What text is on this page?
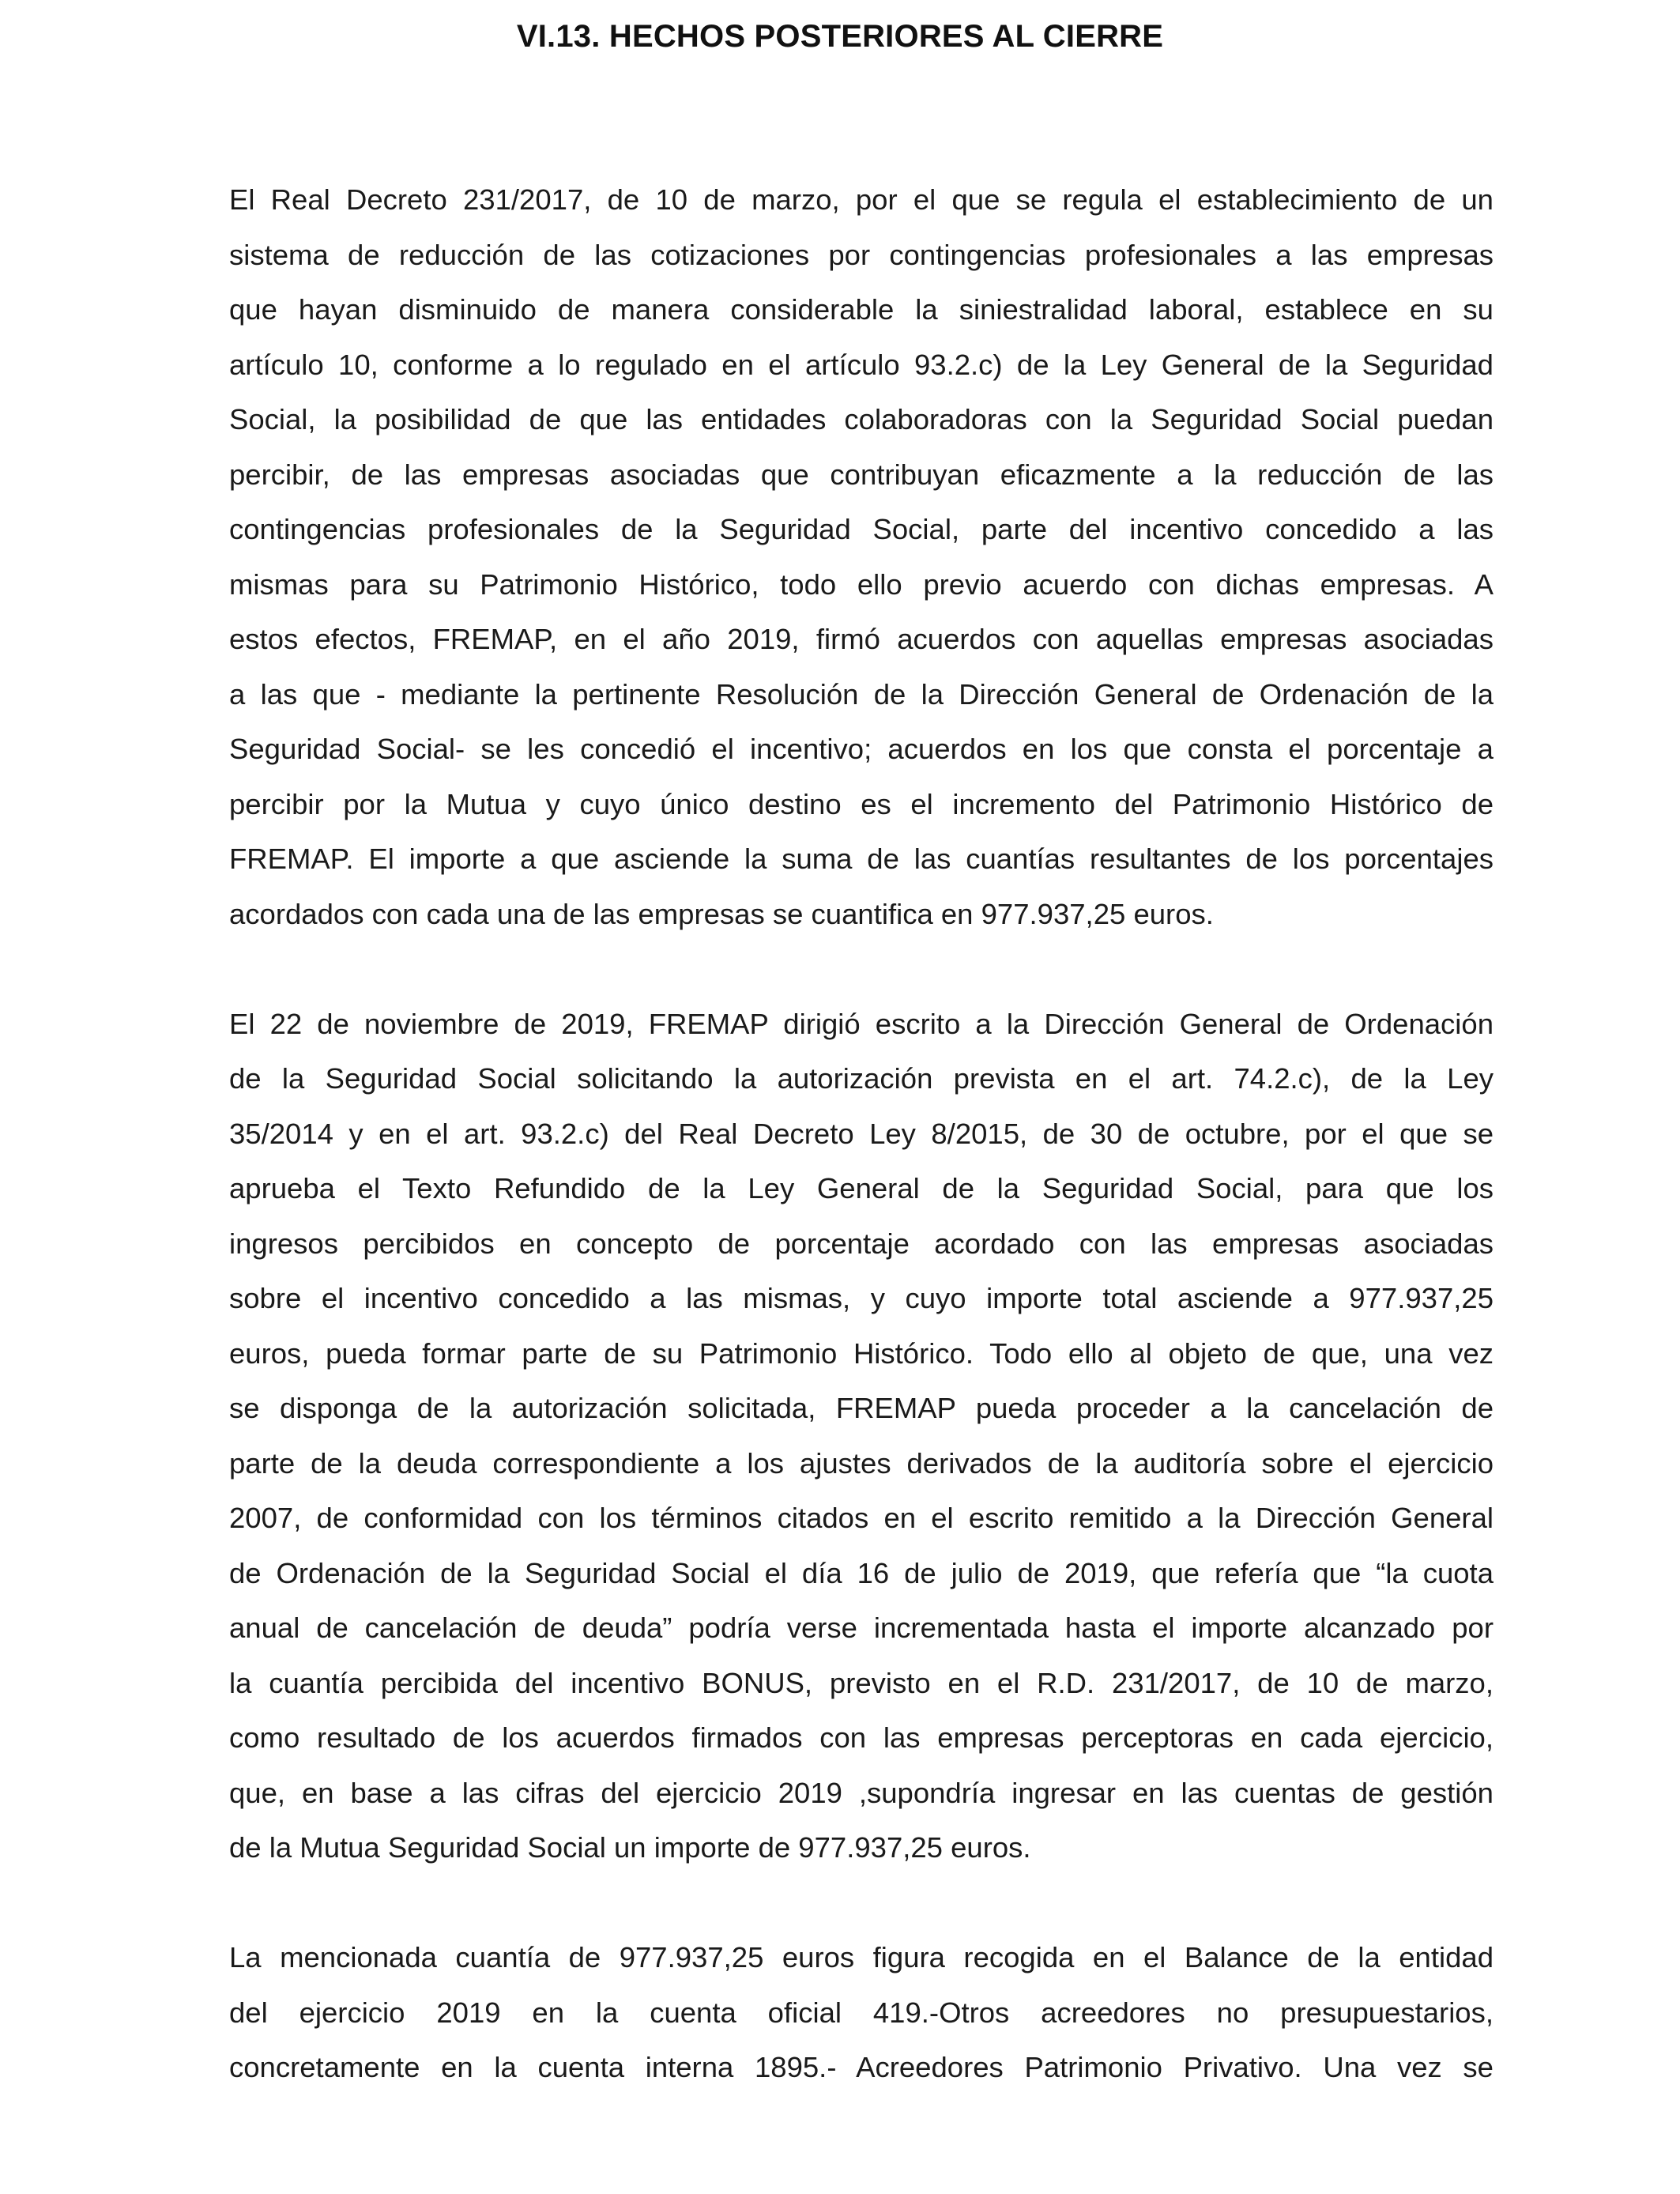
VI.13. HECHOS POSTERIORES AL CIERRE
El Real Decreto 231/2017, de 10 de marzo, por el que se regula el establecimiento de un
sistema de reducción de las cotizaciones por contingencias profesionales a las empresas
que hayan disminuido de manera considerable la siniestralidad laboral, establece en su
artículo 10, conforme a lo regulado en el artículo 93.2.c) de la Ley General de la Seguridad
Social, la posibilidad de que las entidades colaboradoras con la Seguridad Social puedan
percibir, de las empresas asociadas que contribuyan eficazmente a la reducción de las
contingencias profesionales de la Seguridad Social, parte del incentivo concedido a las
mismas para su Patrimonio Histórico, todo ello previo acuerdo con dichas empresas. A
estos efectos, FREMAP, en el año 2019, firmó acuerdos con aquellas empresas asociadas
a las que - mediante la pertinente Resolución de la Dirección General de Ordenación de la
Seguridad Social- se les concedió el incentivo; acuerdos en los que consta el porcentaje a
percibir por la Mutua y cuyo único destino es el incremento del Patrimonio Histórico de
FREMAP. El importe a que asciende la suma de las cuantías resultantes de los porcentajes
acordados con cada una de las empresas se cuantifica en 977.937,25 euros.
El 22 de noviembre de 2019, FREMAP dirigió escrito a la Dirección General de Ordenación
de la Seguridad Social solicitando la autorización prevista en el art. 74.2.c), de la Ley
35/2014 y en el art. 93.2.c) del Real Decreto Ley 8/2015, de 30 de octubre, por el que se
aprueba el Texto Refundido de la Ley General de la Seguridad Social, para que los
ingresos percibidos en concepto de porcentaje acordado con las empresas asociadas
sobre el incentivo concedido a las mismas, y cuyo importe total asciende a 977.937,25
euros, pueda formar parte de su Patrimonio Histórico. Todo ello al objeto de que, una vez
se disponga de la autorización solicitada, FREMAP pueda proceder a la cancelación de
parte de la deuda correspondiente a los ajustes derivados de la auditoría sobre el ejercicio
2007, de conformidad con los términos citados en el escrito remitido a la Dirección General
de Ordenación de la Seguridad Social el día 16 de julio de 2019, que refería que “la cuota
anual de cancelación de deuda” podría verse incrementada hasta el importe alcanzado por
la cuantía percibida del incentivo BONUS, previsto en el R.D. 231/2017, de 10 de marzo,
como resultado de los acuerdos firmados con las empresas perceptoras en cada ejercicio,
que, en base a las cifras del ejercicio 2019 ,supondría ingresar en las cuentas de gestión
de la Mutua Seguridad Social un importe de 977.937,25 euros.
La mencionada cuantía de 977.937,25 euros figura recogida en el Balance de la entidad
del ejercicio 2019 en la cuenta oficial 419.-Otros acreedores no presupuestarios,
concretamente en la cuenta interna 1895.- Acreedores Patrimonio Privativo. Una vez se
